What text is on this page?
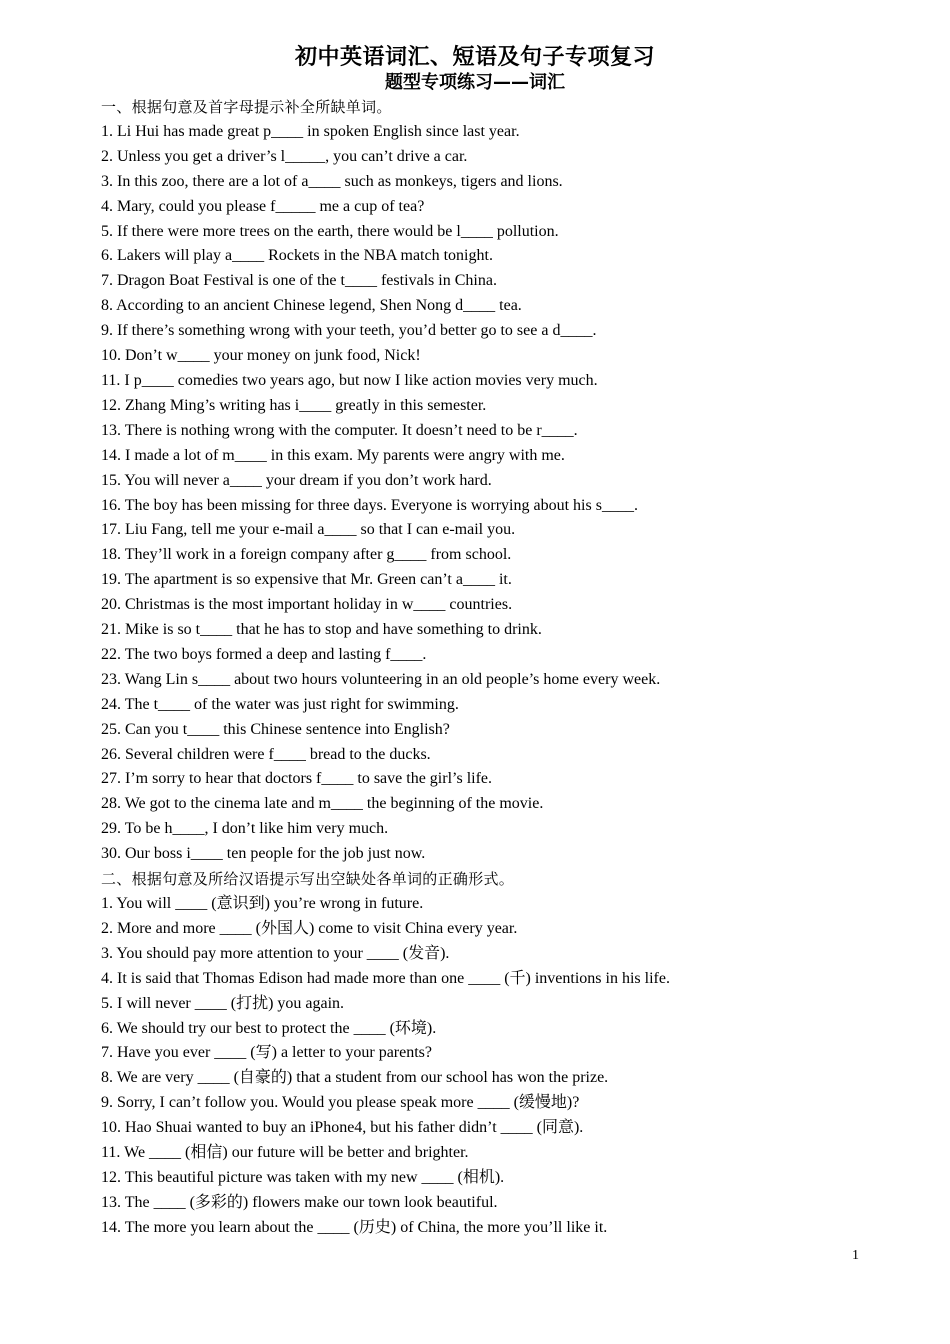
初中英语词汇、短语及句子专项复习
题型专项练习——词汇
一、根据句意及首字母提示补全所缺单词。
1. Li Hui has made great p____ in spoken English since last year.
2. Unless you get a driver’s l_____, you can’t drive a car.
3. In this zoo, there are a lot of a____ such as monkeys, tigers and lions.
4. Mary, could you please f_____ me a cup of tea?
5. If there were more trees on the earth, there would be l____ pollution.
6. Lakers will play a____ Rockets in the NBA match tonight.
7. Dragon Boat Festival is one of the t____ festivals in China.
8. According to an ancient Chinese legend, Shen Nong d____ tea.
9. If there’s something wrong with your teeth, you’d better go to see a d____.
10. Don’t w____ your money on junk food, Nick!
11. I p____ comedies two years ago, but now I like action movies very much.
12. Zhang Ming’s writing has i____ greatly in this semester.
13. There is nothing wrong with the computer. It doesn’t need to be r____.
14. I made a lot of m____ in this exam. My parents were angry with me.
15. You will never a____ your dream if you don’t work hard.
16. The boy has been missing for three days. Everyone is worrying about his s____.
17. Liu Fang, tell me your e-mail a____ so that I can e-mail you.
18. They’ll work in a foreign company after g____ from school.
19. The apartment is so expensive that Mr. Green can’t a____ it.
20. Christmas is the most important holiday in w____ countries.
21. Mike is so t____ that he has to stop and have something to drink.
22. The two boys formed a deep and lasting f____.
23. Wang Lin s____ about two hours volunteering in an old people’s home every week.
24. The t____ of the water was just right for swimming.
25. Can you t____ this Chinese sentence into English?
26. Several children were f____ bread to the ducks.
27. I’m sorry to hear that doctors f____ to save the girl’s life.
28. We got to the cinema late and m____ the beginning of the movie.
29. To be h____, I don’t like him very much.
30. Our boss i____ ten people for the job just now.
二、根据句意及所给汉语提示写出空缺处各单词的正确形式。
1. You will ____ (意识到) you’re wrong in future.
2. More and more ____ (外国人) come to visit China every year.
3. You should pay more attention to your ____ (发音).
4. It is said that Thomas Edison had made more than one ____ (千) inventions in his life.
5. I will never ____ (打扰) you again.
6. We should try our best to protect the ____ (环境).
7. Have you ever ____ (写) a letter to your parents?
8. We are very ____ (自豪的) that a student from our school has won the prize.
9. Sorry, I can’t follow you. Would you please speak more ____ (缓慢地)?
10. Hao Shuai wanted to buy an iPhone4, but his father didn’t ____ (同意).
11. We ____ (相信) our future will be better and brighter.
12. This beautiful picture was taken with my new ____ (相机).
13. The ____ (多彩的) flowers make our town look beautiful.
14. The more you learn about the ____ (历史) of China, the more you’ll like it.
1
